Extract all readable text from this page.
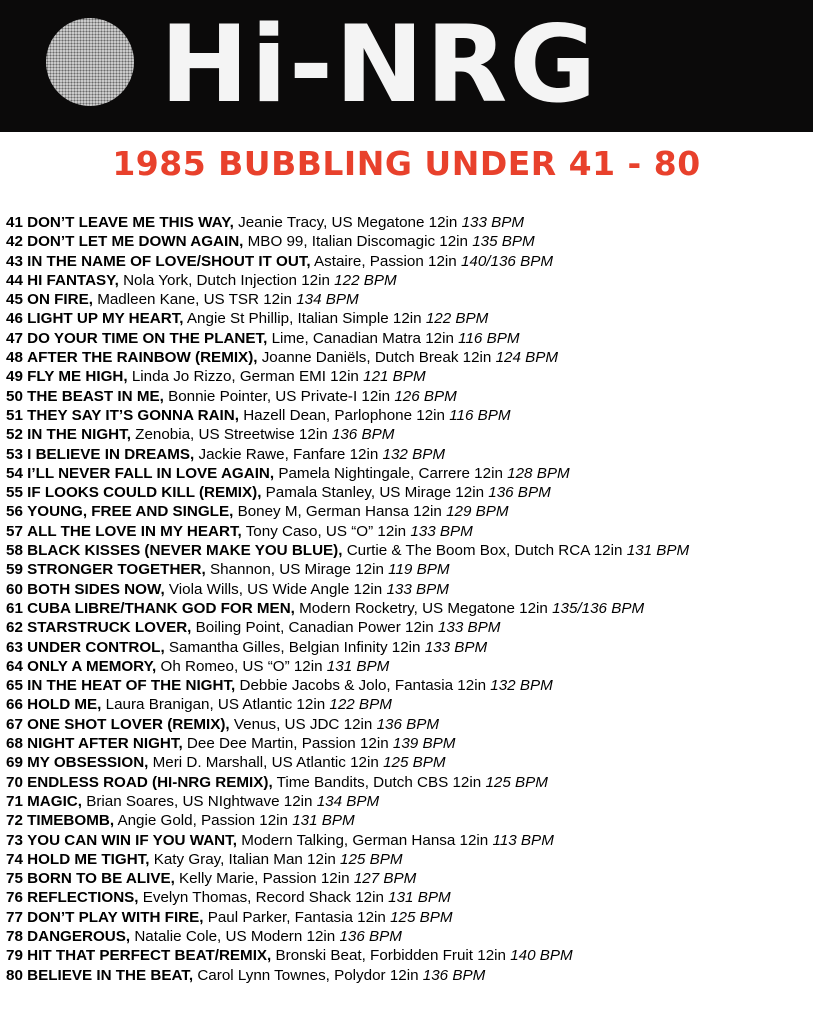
Hi-NRG
1985 BUBBLING UNDER 41 - 80
41 DON’T LEAVE ME THIS WAY, Jeanie Tracy, US Megatone 12in 133 BPM
42 DON’T LET ME DOWN AGAIN, MBO 99, Italian Discomagic 12in 135 BPM
43 IN THE NAME OF LOVE/SHOUT IT OUT, Astaire, Passion 12in 140/136 BPM
44 HI FANTASY, Nola York, Dutch Injection 12in 122 BPM
45 ON FIRE, Madleen Kane, US TSR 12in 134 BPM
46 LIGHT UP MY HEART, Angie St Phillip, Italian Simple 12in 122 BPM
47 DO YOUR TIME ON THE PLANET, Lime, Canadian Matra 12in 116 BPM
48 AFTER THE RAINBOW (REMIX), Joanne Daniëls, Dutch Break 12in 124 BPM
49 FLY ME HIGH, Linda Jo Rizzo, German EMI 12in 121 BPM
50 THE BEAST IN ME, Bonnie Pointer, US Private-I 12in 126 BPM
51 THEY SAY IT’S GONNA RAIN, Hazell Dean, Parlophone 12in 116 BPM
52 IN THE NIGHT, Zenobia, US Streetwise 12in 136 BPM
53 I BELIEVE IN DREAMS, Jackie Rawe, Fanfare 12in 132 BPM
54 I’LL NEVER FALL IN LOVE AGAIN, Pamela Nightingale, Carrere 12in 128 BPM
55 IF LOOKS COULD KILL (REMIX), Pamala Stanley, US Mirage 12in 136 BPM
56 YOUNG, FREE AND SINGLE, Boney M, German Hansa 12in 129 BPM
57 ALL THE LOVE IN MY HEART, Tony Caso, US “O” 12in 133 BPM
58 BLACK KISSES (NEVER MAKE YOU BLUE), Curtie & The Boom Box, Dutch RCA 12in 131 BPM
59 STRONGER TOGETHER, Shannon, US Mirage 12in 119 BPM
60 BOTH SIDES NOW, Viola Wills, US Wide Angle 12in 133 BPM
61 CUBA LIBRE/THANK GOD FOR MEN, Modern Rocketry, US Megatone 12in 135/136 BPM
62 STARSTRUCK LOVER, Boiling Point, Canadian Power 12in 133 BPM
63 UNDER CONTROL, Samantha Gilles, Belgian Infinity 12in 133 BPM
64 ONLY A MEMORY, Oh Romeo, US “O” 12in 131 BPM
65 IN THE HEAT OF THE NIGHT, Debbie Jacobs & Jolo, Fantasia 12in 132 BPM
66 HOLD ME, Laura Branigan, US Atlantic 12in 122 BPM
67 ONE SHOT LOVER (REMIX), Venus, US JDC 12in 136 BPM
68 NIGHT AFTER NIGHT, Dee Dee Martin, Passion 12in 139 BPM
69 MY OBSESSION, Meri D. Marshall, US Atlantic 12in 125 BPM
70 ENDLESS ROAD (HI-NRG REMIX), Time Bandits, Dutch CBS 12in 125 BPM
71 MAGIC, Brian Soares, US NIghtwave 12in 134 BPM
72 TIMEBOMB, Angie Gold, Passion 12in 131 BPM
73 YOU CAN WIN IF YOU WANT, Modern Talking, German Hansa 12in 113 BPM
74 HOLD ME TIGHT, Katy Gray, Italian Man 12in 125 BPM
75 BORN TO BE ALIVE, Kelly Marie, Passion 12in 127 BPM
76 REFLECTIONS, Evelyn Thomas, Record Shack 12in 131 BPM
77 DON’T PLAY WITH FIRE, Paul Parker, Fantasia 12in 125 BPM
78 DANGEROUS, Natalie Cole, US Modern 12in 136 BPM
79 HIT THAT PERFECT BEAT/REMIX, Bronski Beat, Forbidden Fruit 12in 140 BPM
80 BELIEVE IN THE BEAT, Carol Lynn Townes, Polydor 12in 136 BPM
